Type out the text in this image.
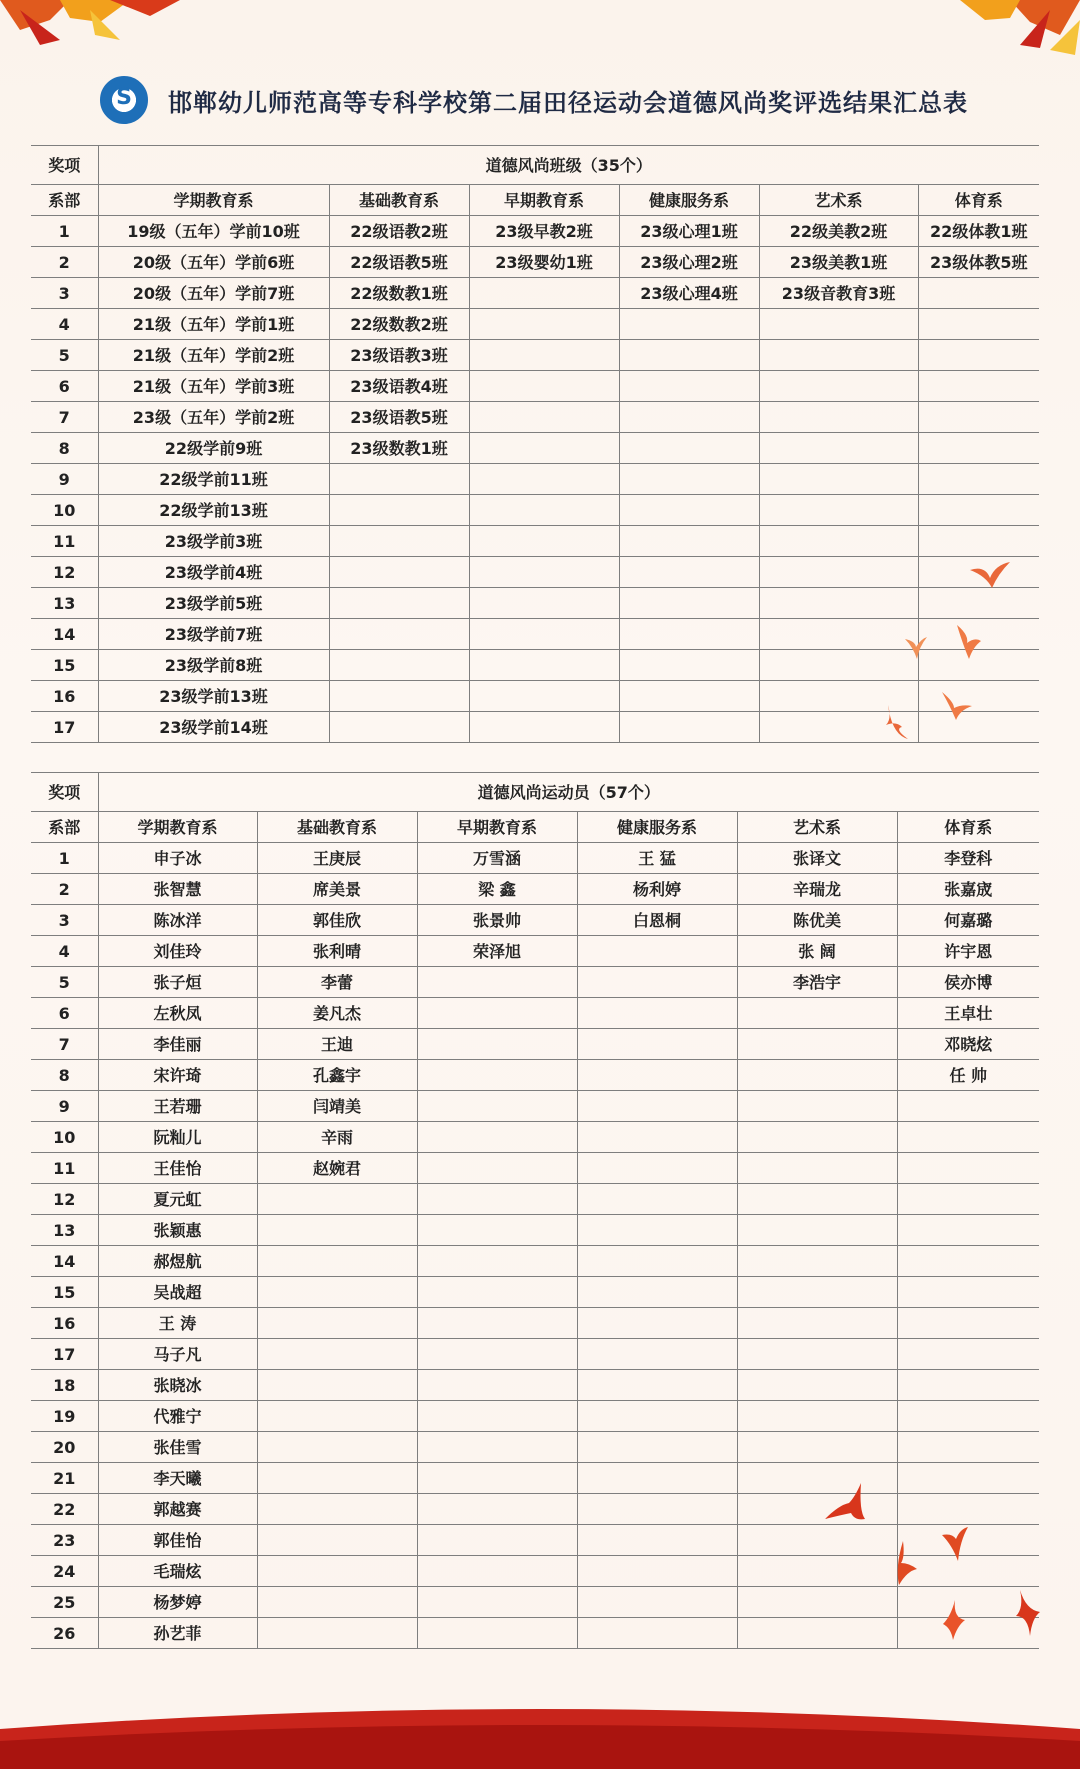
S
邯郸幼儿师范高等专科学校第二届田径运动会道德风尚奖评选结果汇总表
奖项	道德风尚班级（35个）					
系部	学期教育系	基础教育系	早期教育系	健康服务系	艺术系	体育系
1	19级（五年）学前10班	22级语教2班	23级早教2班	23级心理1班	22级美教2班	22级体教1班
2	20级（五年）学前6班	22级语教5班	23级婴幼1班	23级心理2班	23级美教1班	23级体教5班
3	20级（五年）学前7班	22级数教1班		23级心理4班	23级音教育3班	
4	21级（五年）学前1班	22级数教2班				
5	21级（五年）学前2班	23级语教3班				
6	21级（五年）学前3班	23级语教4班				
7	23级（五年）学前2班	23级语教5班				
8	22级学前9班	23级数教1班				
9	22级学前11班					
10	22级学前13班					
11	23级学前3班					
12	23级学前4班					
13	23级学前5班					
14	23级学前7班					
15	23级学前8班					
16	23级学前13班					
17	23级学前14班					
奖项	道德风尚运动员（57个）					
系部	学期教育系	基础教育系	早期教育系	健康服务系	艺术系	体育系
1	申子冰	王庚辰	万雪涵	王 猛	张译文	李登科
2	张智慧	席美景	梁 鑫	杨利婷	辛瑞龙	张嘉宬
3	陈冰洋	郭佳欣	张景帅	白恩桐	陈优美	何嘉璐
4	刘佳玲	张利晴	荣泽旭		张 阔	许宇恩
5	张子烜	李蕾			李浩宇	侯亦博
6	左秋凤	姜凡杰				王卓壮
7	李佳丽	王迪				邓晓炫
8	宋许琦	孔鑫宇				任 帅
9	王若珊	闫靖美				
10	阮籼儿	辛雨				
11	王佳怡	赵婉君				
12	夏元虹					
13	张颖惠					
14	郝煜航					
15	吴战超					
16	王 涛					
17	马子凡					
18	张晓冰					
19	代雅宁					
20	张佳雪					
21	李天曦					
22	郭越赛					
23	郭佳怡					
24	毛瑞炫					
25	杨梦婷					
26	孙艺菲					
